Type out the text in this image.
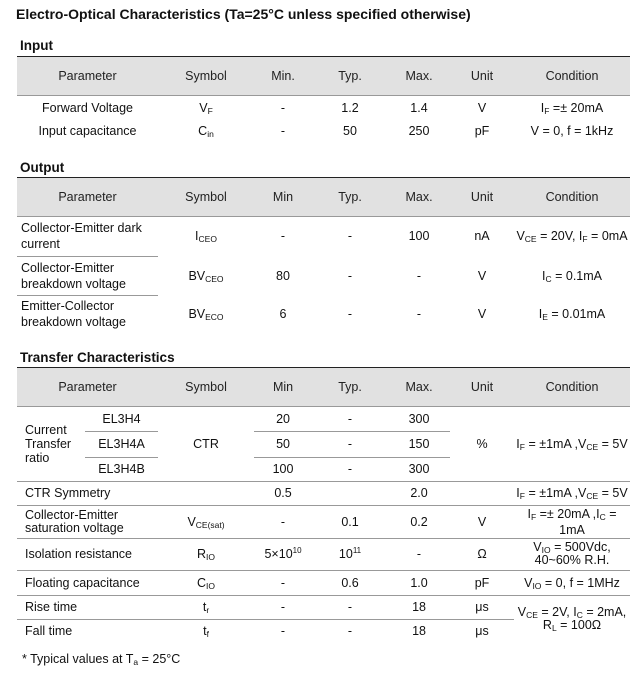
Electro-Optical Characteristics (Ta=25°C unless specified otherwise)
Input
Parameter	Symbol	Min.	Typ.	Max.	Unit	Condition
Forward Voltage	$V_F$	-	1.2	1.4	V	$I_F =\pm 20mA$
Input capacitance	$C_{in}$	-	50	250	pF	V = 0, f = 1kHz
Output
Parameter	Symbol	Min	Typ.	Max.	Unit	Condition
Collector-Emitter dark
current	$I_{CEO}$	-	-	100	nA	$V_{CE} = 20V$, $I_F = 0mA$
Collector-Emitter
breakdown voltage	$BV_{CEO}$	80	-	-	V	$I_C = 0.1mA$
Emitter-Collector
breakdown voltage	$BV_{ECO}$	6	-	-	V	$I_E = 0.01mA$
Transfer Characteristics
Parameter		Symbol	Min	Typ.	Max.	Unit	Condition
Current
Transfer
ratio	EL3H4	CTR	20	-	300	%	$I_F = \pm 1mA$ $,V_{CE} = 5V$
	EL3H4A		50	-	150		
	EL3H4B		100	-	300		
CTR Symmetry			0.5		2.0		$I_F = \pm 1mA$ $,V_{CE} = 5V$
Collector-Emitter
saturation voltage		$V_{CE(sat)}$	-	0.1	0.2	V	$I_F =\pm 20mA$ $,I_C = 1mA$
Isolation resistance		$R_{IO}$	$5\times 10^{10}$	$10^{11}$	-	Ω	$V_{IO} = 500Vdc$,
40~60% R.H.
Floating capacitance		$C_{IO}$	-	0.6	1.0	pF	$V_{IO} = 0$, f = 1MHz
Rise time		$t_r$	-	-	18	μs	$V_{CE} = 2V$, $I_C = 2mA$,
$R_L = 100\Omega$
Fall time		$t_f$	-	-	18	μs	
* Typical values at $T_a = 25^\circ C$
